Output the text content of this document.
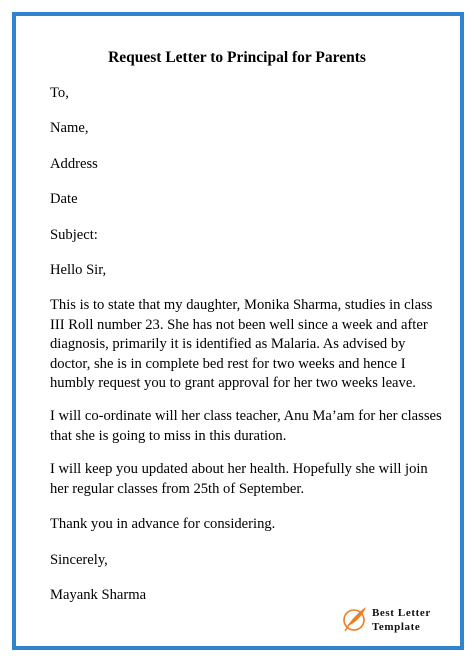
Request Letter to Principal for Parents

To,

Name,

Address

Date

Subject:

Hello Sir,

This is to state that my daughter, Monika Sharma, studies in class III Roll number 23. She has not been well since a week and after diagnosis, primarily it is identified as Malaria. As advised by doctor, she is in complete bed rest for two weeks and hence I humbly request you to grant approval for her two weeks leave.

I will co-ordinate will her class teacher, Anu Ma’am for her classes that she is going to miss in this duration.

I will keep you updated about her health. Hopefully she will join her regular classes from 25th of September.

Thank you in advance for considering.

Sincerely,

Mayank Sharma

Best Letter
Template
